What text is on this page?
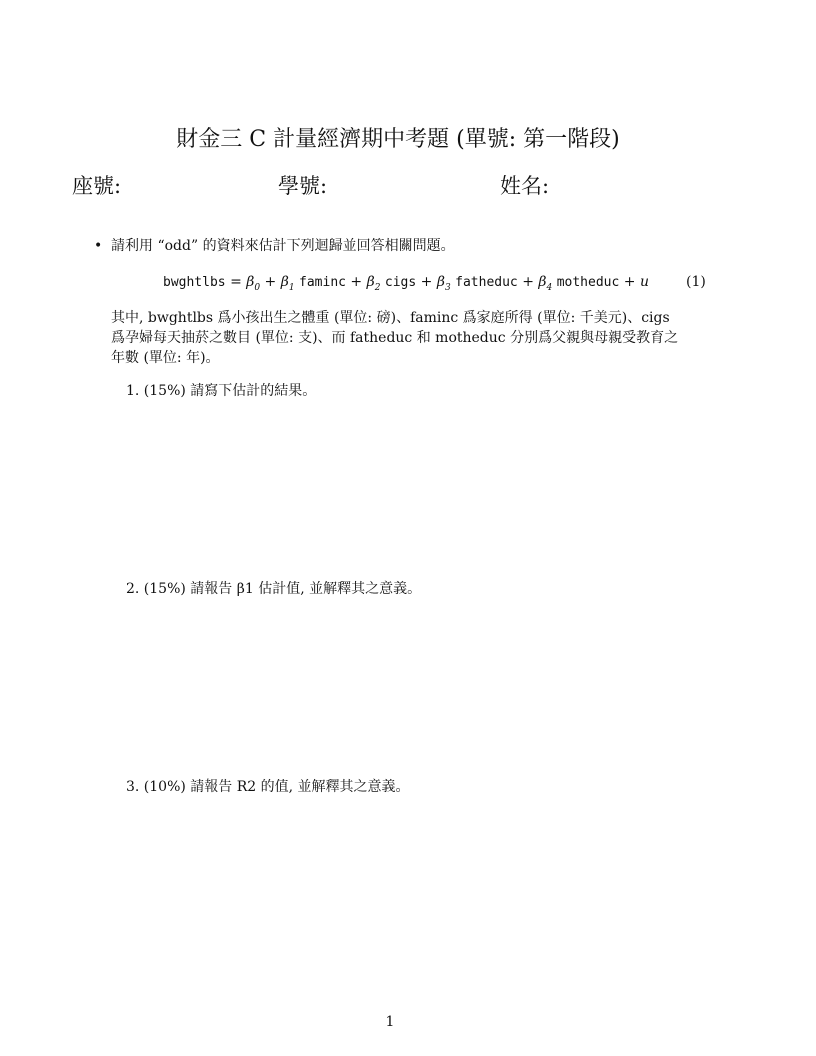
財金三 C 計量經濟期中考題 (單號: 第一階段)
座號:	學號:	姓名:
• 請利用 “odd” 的資料來估計下列迴歸並回答相關問題。
bwghtlbs = $\beta_0 + \beta_1$ $faminc + \beta_2$ cigs + $\beta_3$ fatheduc + $\beta_4$ motheduc + u	(1)
其中, bwghtlbs 爲小孩出生之體重 (單位: 磅)、faminc 爲家庭所得 (單位: 千美元)、cigs
爲孕婦每天抽菸之數目 (單位: 支)、而 fatheduc 和 motheduc 分別爲父親與母親受教育之
年數 (單位: 年)。
1. (15%) 請寫下估計的結果。
2. (15%) 請報告 β1 估計值, 並解釋其之意義。
3. (10%) 請報告 R2 的值, 並解釋其之意義。
1
